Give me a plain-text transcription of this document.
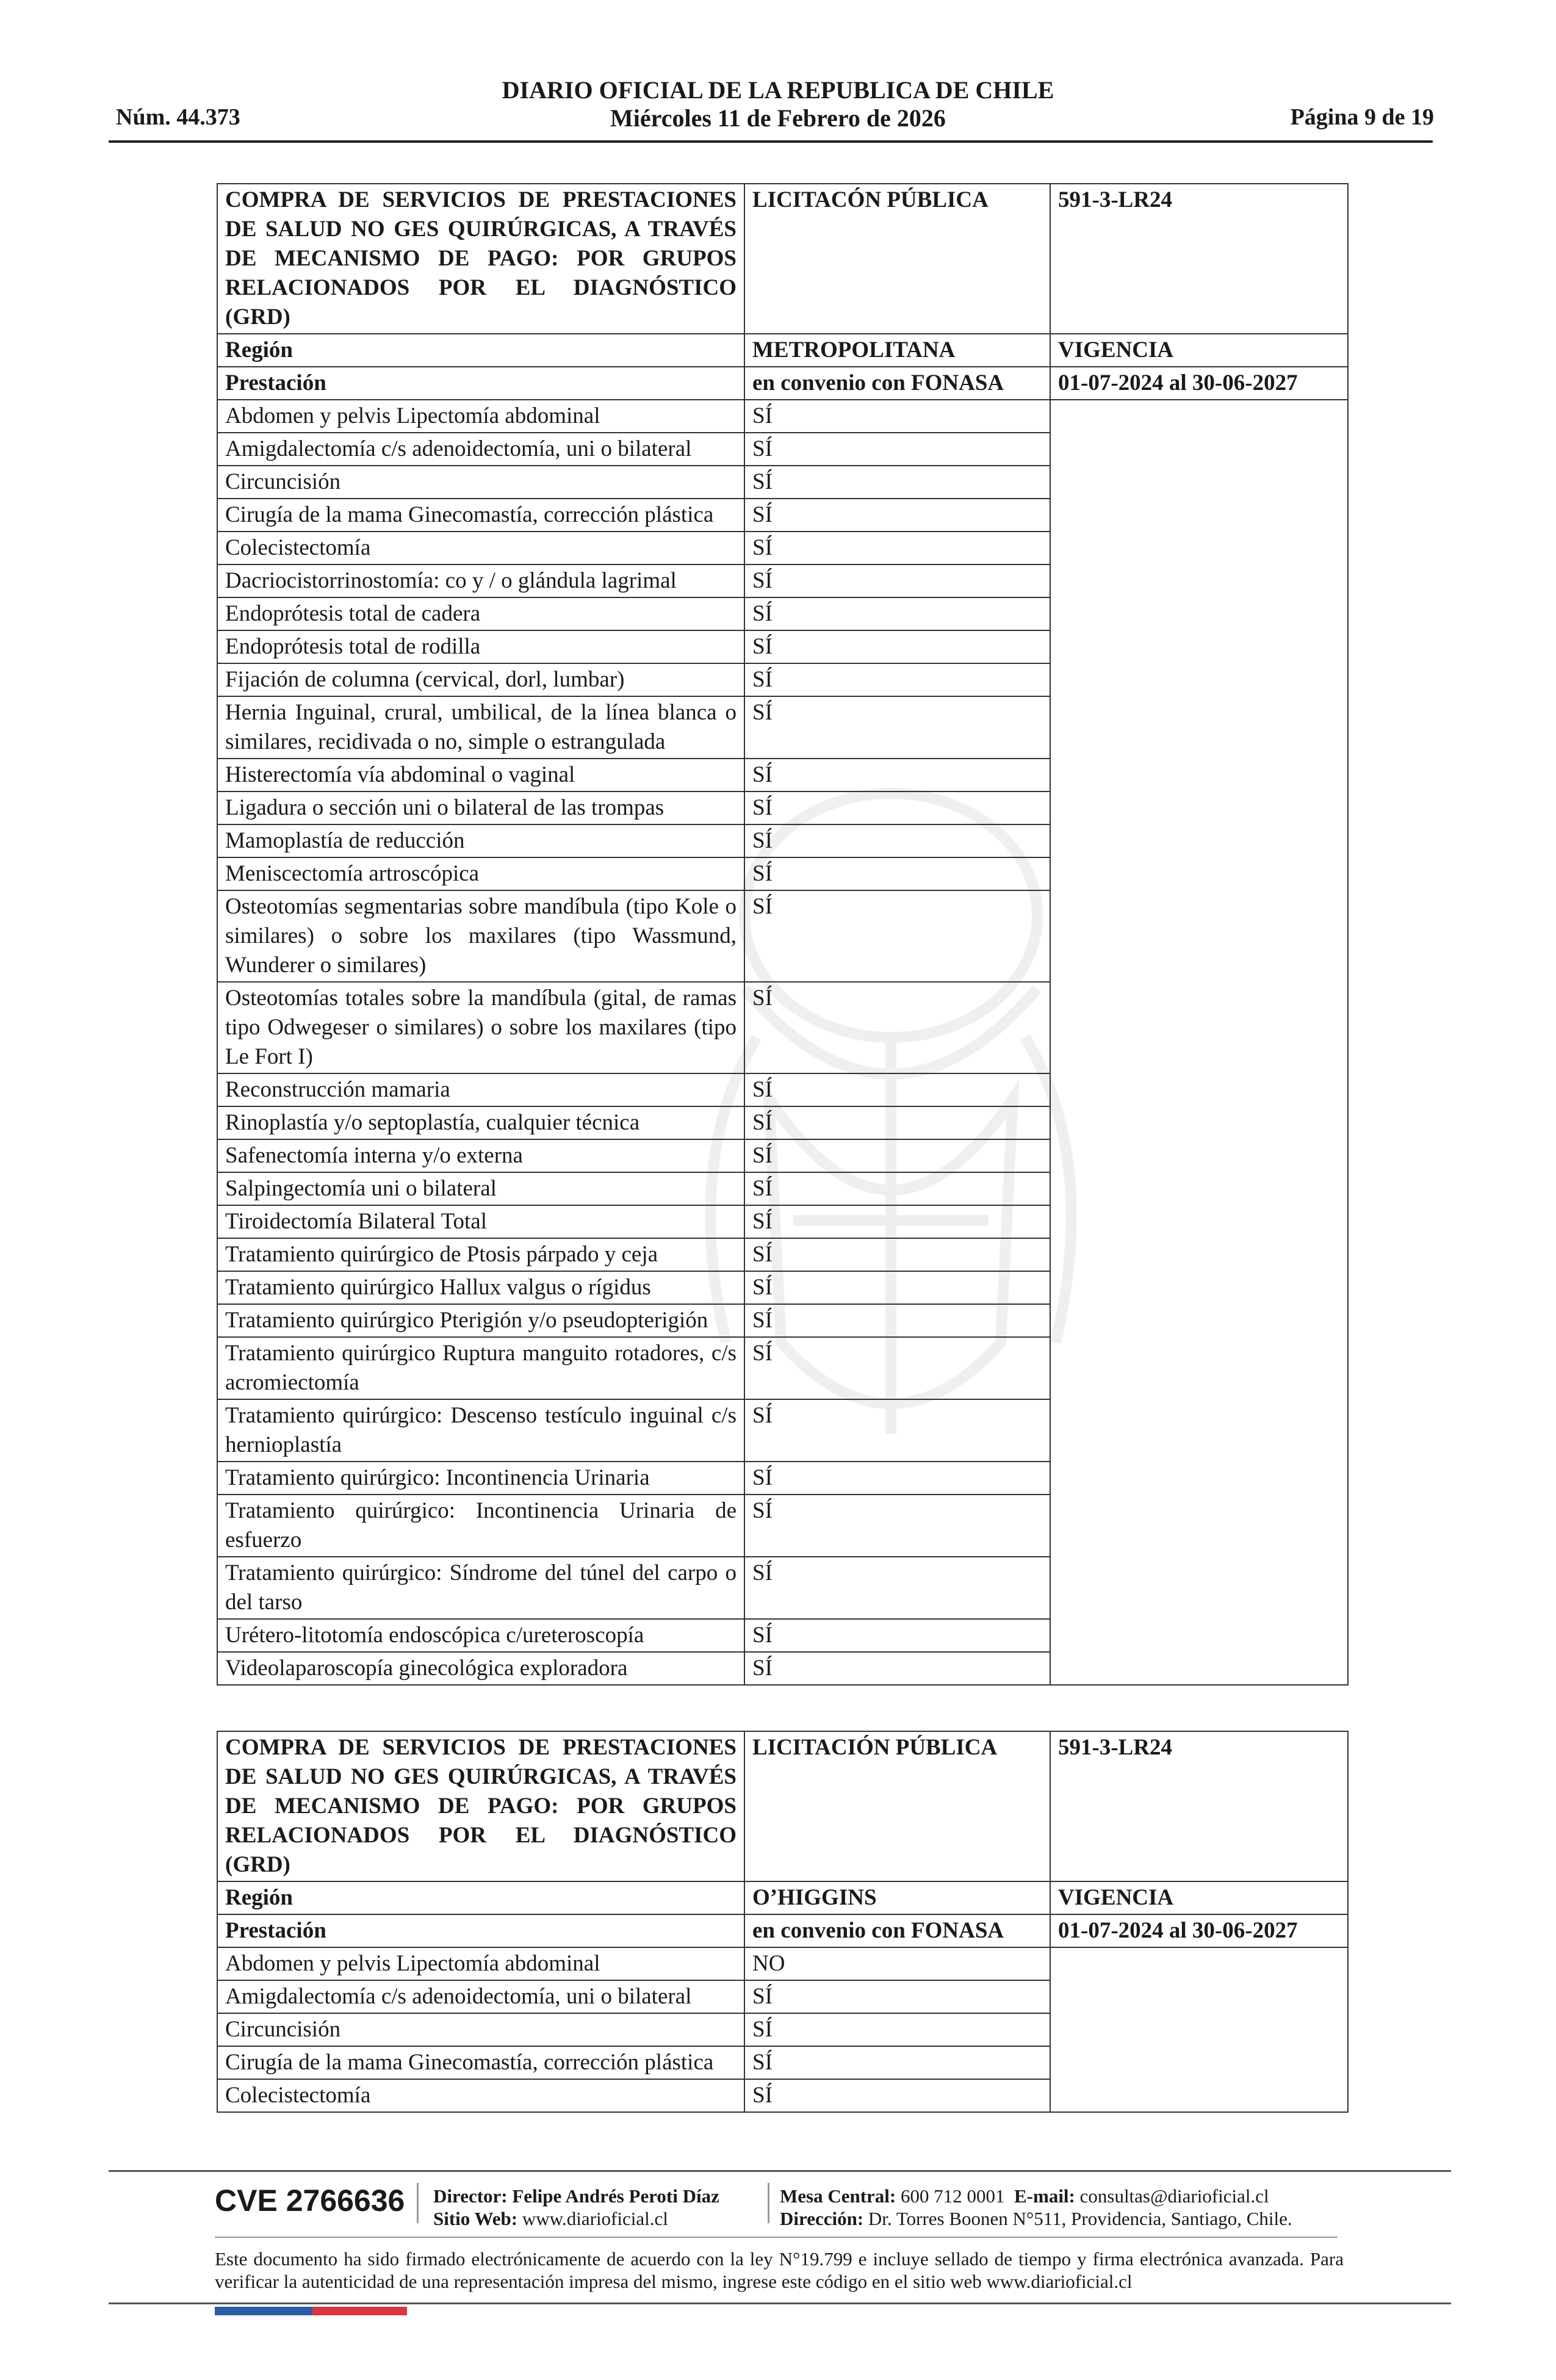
Núm. 44.373
DIARIO OFICIAL DE LA REPUBLICA DE CHILE
Miércoles 11 de Febrero de 2026	Página 9 de 19
COMPRA DE SERVICIOS DE PRESTACIONES DE SALUD NO GES QUIRÚRGICAS, A TRAVÉS DE MECANISMO DE PAGO: POR GRUPOS RELACIONADOS POR EL DIAGNÓSTICO (GRD)	LICITACÓN PÚBLICA	591-3-LR24
Región	METROPOLITANA	VIGENCIA
Prestación	en convenio con FONASA	01-07-2024 al 30-06-2027
Abdomen y pelvis Lipectomía abdominal	SÍ	
Amigdalectomía c/s adenoidectomía, uni o bilateral	SÍ	
Circuncisión	SÍ	
Cirugía de la mama Ginecomastía, corrección plástica	SÍ	
Colecistectomía	SÍ	
Dacriocistorrinostomía: co y / o glándula lagrimal	SÍ	
Endoprótesis total de cadera	SÍ	
Endoprótesis total de rodilla	SÍ	
Fijación de columna (cervical, dorl, lumbar)	SÍ	
Hernia Inguinal, crural, umbilical, de la línea blanca o similares, recidivada o no, simple o estrangulada	SÍ	
Histerectomía vía abdominal o vaginal	SÍ	
Ligadura o sección uni o bilateral de las trompas	SÍ	
Mamoplastía de reducción	SÍ	
Meniscectomía artroscópica	SÍ	
Osteotomías segmentarias sobre mandíbula (tipo Kole o similares) o sobre los maxilares (tipo Wassmund, Wunderer o similares)	SÍ	
Osteotomías totales sobre la mandíbula (gital, de ramas tipo Odwegeser o similares) o sobre los maxilares (tipo Le Fort I)	SÍ	
Reconstrucción mamaria	SÍ	
Rinoplastía y/o septoplastía, cualquier técnica	SÍ	
Safenectomía interna y/o externa	SÍ	
Salpingectomía uni o bilateral	SÍ	
Tiroidectomía Bilateral Total	SÍ	
Tratamiento quirúrgico de Ptosis párpado y ceja	SÍ	
Tratamiento quirúrgico Hallux valgus o rígidus	SÍ	
Tratamiento quirúrgico Pterigión y/o pseudopterigión	SÍ	
Tratamiento quirúrgico Ruptura manguito rotadores, c/s acromiectomía	SÍ	
Tratamiento quirúrgico: Descenso testículo inguinal c/s hernioplastía	SÍ	
Tratamiento quirúrgico: Incontinencia Urinaria	SÍ	
Tratamiento quirúrgico: Incontinencia Urinaria de esfuerzo	SÍ	
Tratamiento quirúrgico: Síndrome del túnel del carpo o del tarso	SÍ	
Urétero-litotomía endoscópica c/ureteroscopía	SÍ	
Videolaparoscopía ginecológica exploradora	SÍ	
COMPRA DE SERVICIOS DE PRESTACIONES DE SALUD NO GES QUIRÚRGICAS, A TRAVÉS DE MECANISMO DE PAGO: POR GRUPOS RELACIONADOS POR EL DIAGNÓSTICO (GRD)	LICITACIÓN PÚBLICA	591-3-LR24
Región	O’HIGGINS	VIGENCIA
Prestación	en convenio con FONASA	01-07-2024 al 30-06-2027
Abdomen y pelvis Lipectomía abdominal	NO	
Amigdalectomía c/s adenoidectomía, uni o bilateral	SÍ	
Circuncisión	SÍ	
Cirugía de la mama Ginecomastía, corrección plástica	SÍ	
Colecistectomía	SÍ	
CVE 2766636 Director: Felipe Andrés Peroti Díaz
Sitio Web: www.diarioficial.cl
Mesa Central: 600 712 0001 E-mail: consultas@diarioficial.cl
Dirección: Dr. Torres Boonen N°511, Providencia, Santiago, Chile.
Este documento ha sido firmado electrónicamente de acuerdo con la ley N°19.799 e incluye sellado de tiempo y firma electrónica avanzada. Para verificar la autenticidad de una representación impresa del mismo, ingrese este código en el sitio web www.diarioficial.cl
